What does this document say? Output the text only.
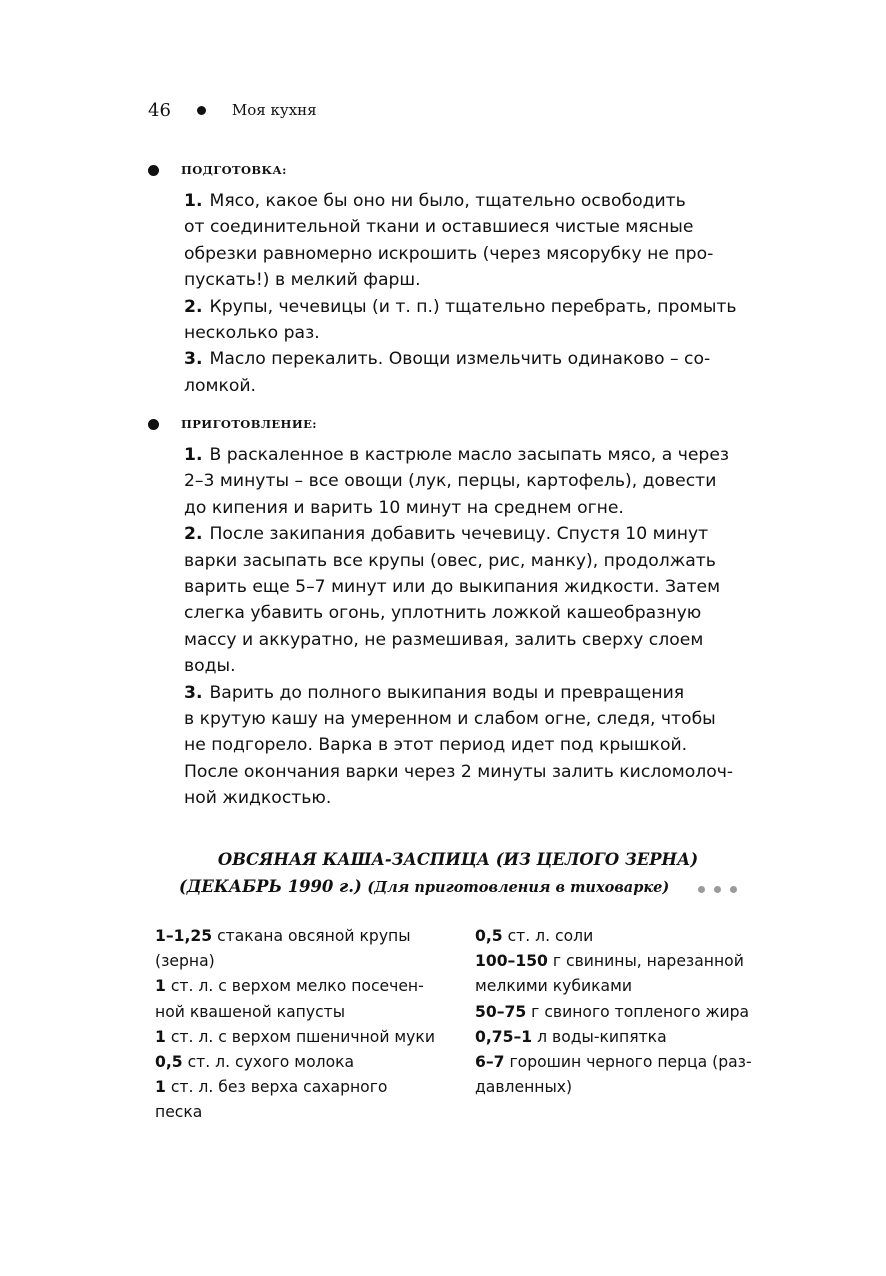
46	Моя кухня
ПОДГОТОВКА:
1. Мясо, какое бы оно ни было, тщательно освободить
от соединительной ткани и оставшиеся чистые мясные
обрезки равномерно искрошить (через мясорубку не про-
пускать!) в мелкий фарш.
2. Крупы, чечевицы (и т. п.) тщательно перебрать, промыть
несколько раз.
3. Масло перекалить. Овощи измельчить одинаково – со-
ломкой.
ПРИГОТОВЛЕНИЕ:
1. В раскаленное в кастрюле масло засыпать мясо, а через
2–3 минуты – все овощи (лук, перцы, картофель), довести
до кипения и варить 10 минут на среднем огне.
2. После закипания добавить чечевицу. Спустя 10 минут
варки засыпать все крупы (овес, рис, манку), продолжать
варить еще 5–7 минут или до выкипания жидкости. Затем
слегка убавить огонь, уплотнить ложкой кашеобразную
массу и аккуратно, не размешивая, залить сверху слоем
воды.
3. Варить до полного выкипания воды и превращения
в крутую кашу на умеренном и слабом огне, следя, чтобы
не подгорело. Варка в этот период идет под крышкой.
После окончания варки через 2 минуты залить кисломолоч-
ной жидкостью.
ОВСЯНАЯ КАША-ЗАСПИЦА (ИЗ ЦЕЛОГО ЗЕРНА)
(ДЕКАБРЬ 1990 г.) (Для приготовления в тиховарке)
1–1,25 стакана овсяной крупы
(зерна)
1 ст. л. с верхом мелко посечен-
ной квашеной капусты
1 ст. л. с верхом пшеничной муки
0,5 ст. л. сухого молока
1 ст. л. без верха сахарного
песка
0,5 ст. л. соли
100–150 г свинины, нарезанной
мелкими кубиками
50–75 г свиного топленого жира
0,75–1 л воды-кипятка
6–7 горошин черного перца (раз-
давленных)
